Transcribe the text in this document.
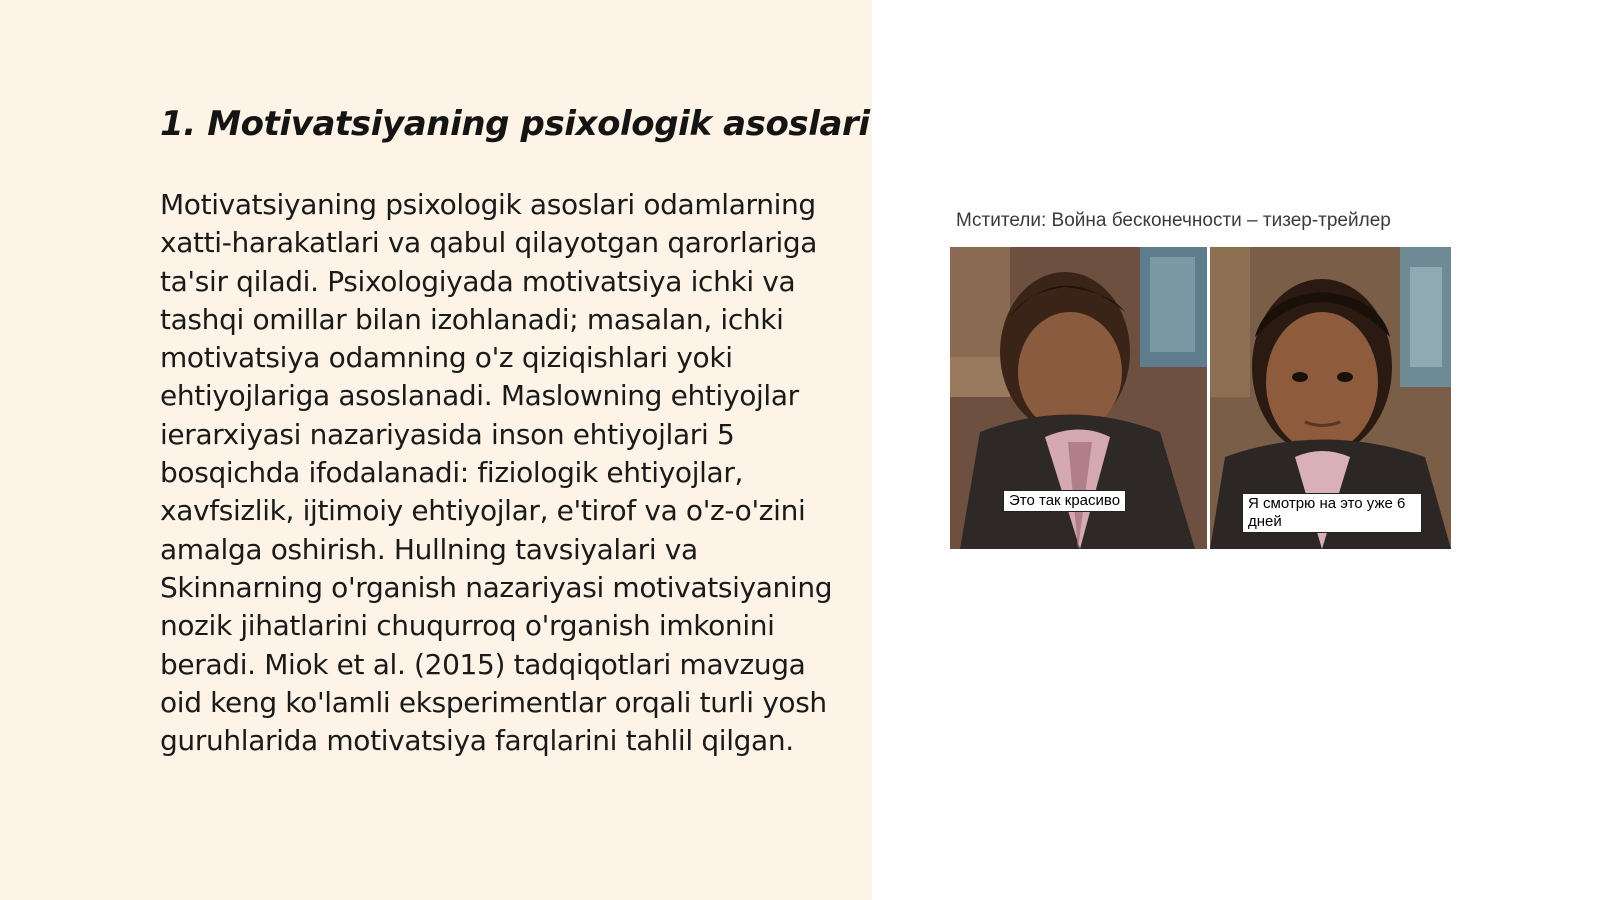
1. Motivatsiyaning psixologik asoslari

Motivatsiyaning psixologik asoslari odamlarning xatti-harakatlari va qabul qilayotgan qarorlariga ta'sir qiladi. Psixologiyada motivatsiya ichki va tashqi omillar bilan izohlanadi; masalan, ichki motivatsiya odamning o'z qiziqishlari yoki ehtiyojlariga asoslanadi. Maslowning ehtiyojlar ierarxiyasi nazariyasida inson ehtiyojlari 5 bosqichda ifodalanadi: fiziologik ehtiyojlar, xavfsizlik, ijtimoiy ehtiyojlar, e'tirof va o'z-o'zini amalga oshirish. Hullning tavsiyalari va Skinnarning o'rganish nazariyasi motivatsiyaning nozik jihatlarini chuqurroq o'rganish imkonini beradi. Miok et al. (2015) tadqiqotlari mavzuga oid keng ko'lamli eksperimentlar orqali turli yosh guruhlarida motivatsiya farqlarini tahlil qilgan.

Мстители: Война бесконечности – тизер-трейлер
Это так красиво	Я смотрю на это уже 6 дней
